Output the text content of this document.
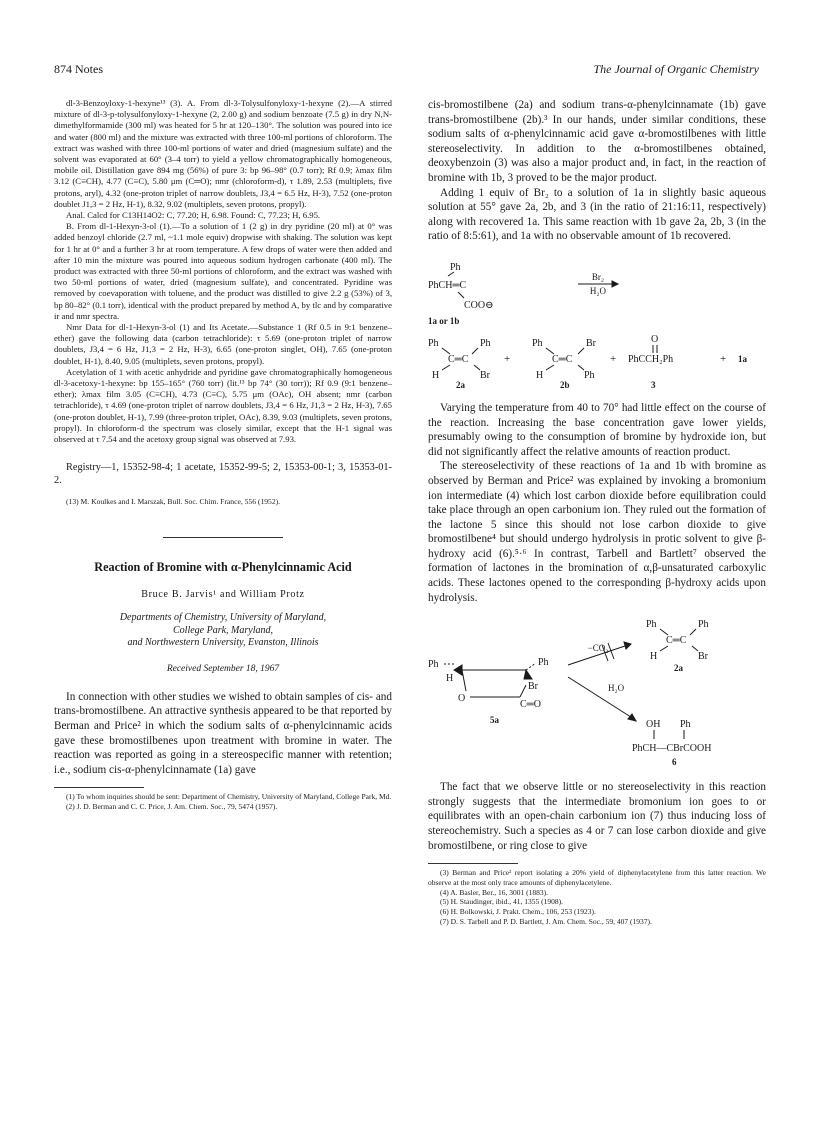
874 Notes	The Journal of Organic Chemistry

dl-3-Benzoyloxy-1-hexyne¹³ (3). A. From dl-3-Tolysulfonyloxy-1-hexyne (2).—A stirred mixture of dl-3-p-tolysulfonyloxy-1-hexyne (2, 2.00 g) and sodium benzoate (7.5 g) in dry N,N-dimethylformamide (300 ml) was heated for 5 hr at 120–130°. The solution was poured into ice and water (800 ml) and the mixture was extracted with three 100-ml portions of chloroform. The extract was washed with three 100-ml portions of water and dried (magnesium sulfate) and the solvent was evaporated at 60° (3–4 torr) to yield a yellow chromatographically homogeneous, mobile oil. Distillation gave 894 mg (56%) of pure 3: bp 96–98° (0.7 torr); Rf 0.9; λmax film 3.12 (C≡CH), 4.77 (C≡C), 5.80 μm (C═O); nmr (chloroform-d), τ 1.89, 2.53 (multiplets, five protons, aryl), 4.32 (one-proton triplet of narrow doublets, J3,4 = 6.5 Hz, H-3), 7.52 (one-proton doublet J1,3 = 2 Hz, H-1), 8.32, 9.02 (multiplets, seven protons, propyl).

Anal. Calcd for C13H14O2: C, 77.20; H, 6.98. Found: C, 77.23; H, 6.95.

B. From dl-1-Hexyn-3-ol (1).—To a solution of 1 (2 g) in dry pyridine (20 ml) at 0° was added benzoyl chloride (2.7 ml, ~1.1 mole equiv) dropwise with shaking. The solution was kept for 1 hr at 0° and a further 3 hr at room temperature. A few drops of water were then added and after 10 min the mixture was poured into aqueous sodium hydrogen carbonate (400 ml). The product was extracted with three 50-ml portions of chloroform, and the extract was washed with two 50-ml portions of water, dried (magnesium sulfate), and concentrated. Pyridine was removed by coevaporation with toluene, and the product was distilled to give 2.2 g (53%) of 3, bp 80–82° (0.1 torr), identical with the product prepared by method A, by tlc and by comparative ir and nmr spectra.

Nmr Data for dl-1-Hexyn-3-ol (1) and Its Acetate.—Substance 1 (Rf 0.5 in 9:1 benzene–ether) gave the following data (carbon tetrachloride): τ 5.69 (one-proton triplet of narrow doublets, J3,4 = 6 Hz, J1,3 = 2 Hz, H-3), 6.65 (one-proton singlet, OH), 7.65 (one-proton doublet, H-1), 8.40, 9.05 (multiplets, seven protons, propyl).

Acetylation of 1 with acetic anhydride and pyridine gave chromatographically homogeneous dl-3-acetoxy-1-hexyne: bp 155–165° (760 torr) (lit.¹³ bp 74° (30 torr)); Rf 0.9 (9:1 benzene–ether); λmax film 3.05 (C≡CH), 4.73 (C≡C), 5.75 μm (OAc), OH absent; nmr (carbon tetrachloride), τ 4.69 (one-proton triplet of narrow doublets, J3,4 = 6 Hz, J1,3 = 2 Hz, H-3), 7.65 (one-proton doublet, H-1), 7.99 (three-proton triplet, OAc), 8.39, 9.03 (multiplets, seven protons, propyl). In chloroform-d the spectrum was closely similar, except that the H-1 signal was observed at τ 7.54 and the acetoxy group signal was observed at 7.93.

Registry—1, 15352-98-4; 1 acetate, 15352-99-5; 2, 15353-00-1; 3, 15353-01-2.

(13) M. Koulkes and I. Marszak, Bull. Soc. Chim. France, 556 (1952).

Reaction of Bromine with α-Phenylcinnamic Acid
Bruce B. Jarvis¹ and William Protz
Departments of Chemistry, University of Maryland,
College Park, Maryland,
and Northwestern University, Evanston, Illinois
Received September 18, 1967

In connection with other studies we wished to obtain samples of cis- and trans-bromostilbene. An attractive synthesis appeared to be that reported by Berman and Price² in which the sodium salts of α-phenylcinnamic acids gave these bromostilbenes upon treatment with bromine in water. The reaction was reported as going in a stereospecific manner with retention; i.e., sodium cis-α-phenylcinnamate (1a) gave

(1) To whom inquiries should be sent: Department of Chemistry, University of Maryland, College Park, Md.

(2) J. D. Berman and C. C. Price, J. Am. Chem. Soc., 79, 5474 (1957).

cis-bromostilbene (2a) and sodium trans-α-phenylcinnamate (1b) gave trans-bromostilbene (2b).³ In our hands, under similar conditions, these sodium salts of α-phenylcinnamic acid gave α-bromostilbenes with little stereoselectivity. In addition to the α-bromostilbenes obtained, deoxybenzoin (3) was also a major product and, in fact, in the reaction of bromine with 1b, 3 proved to be the major product.

Adding 1 equiv of Br₂ to a solution of 1a in slightly basic aqueous solution at 55° gave 2a, 2b, and 3 (in the ratio of 21:16:11, respectively) along with recovered 1a. This same reaction with 1b gave 2a, 2b, 3 (in the ratio of 8:5:61), and 1a with no observable amount of 1b recovered.

Ph
PhCH═C
COO⊖
1a or 1b
Br₂
H₂O
Ph	Ph
C═C
H	Br
2a
+
Ph	Br
C═C
H	Ph
2b
+
O
PhCCH₂Ph
3
+ 1a

Varying the temperature from 40 to 70° had little effect on the course of the reaction. Increasing the base concentration gave lower yields, presumably owing to the consumption of bromine by hydroxide ion, but did not significantly affect the relative amounts of reaction product.

The stereoselectivity of these reactions of 1a and 1b with bromine as observed by Berman and Price² was explained by invoking a bromonium ion intermediate (4) which lost carbon dioxide before equilibration could take place through an open carbonium ion. They ruled out the formation of the lactone 5 since this should not lose carbon dioxide to give bromostilbene⁴ but should undergo hydrolysis in protic solvent to give β-hydroxy acid (6).⁵·⁶ In contrast, Tarbell and Bartlett⁷ observed the formation of lactones in the bromination of α,β-unsaturated carboxylic acids. These lactones opened to the corresponding β-hydroxy acids upon hydrolysis.

Ph
H
Ph
Br
O
C═O
5a
−CO₂
Ph	Ph
C═C
H	Br
2a
H₂O
OH Ph
PhCH—CBrCOOH
6

The fact that we observe little or no stereoselectivity in this reaction strongly suggests that the intermediate bromonium ion goes to or equilibrates with an open-chain carbonium ion (7) thus inducing loss of stereochemistry. Such a species as 4 or 7 can lose carbon dioxide and give bromostilbene, or ring close to give

(3) Berman and Price² report isolating a 20% yield of diphenylacetylene from this latter reaction. We observe at the most only trace amounts of diphenylacetylene.

(4) A. Basler, Ber., 16, 3001 (1883).

(5) H. Staudinger, ibid., 41, 1355 (1908).

(6) H. Bolkowski, J. Prakt. Chem., 106, 253 (1923).

(7) D. S. Tarbell and P. D. Bartlett, J. Am. Chem. Soc., 59, 407 (1937).
